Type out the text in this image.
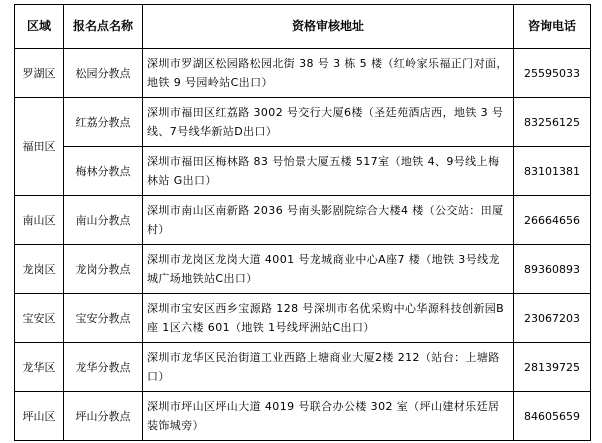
区域	报名点名称	资格审核地址	咨询电话
罗湖区	松园分教点	深圳市罗湖区松园路松园北街 38 号 3 栋 5 楼（红岭家乐福正门对面，地铁 9 号园岭站C出口）	25595033
福田区	红荔分教点	深圳市福田区红荔路 3002 号交行大厦6楼（圣廷苑酒店西，地铁 3 号线、7号线华新站D出口）	83256125
	梅林分教点	深圳市福田区梅林路 83 号怡景大厦五楼 517室（地铁 4、9号线上梅林站 G出口）	83101381
南山区	南山分教点	深圳市南山区南新路 2036 号南头影剧院综合大楼4 楼（公交站：田厦村）	26664656
龙岗区	龙岗分教点	深圳市龙岗区龙岗大道 4001 号龙城商业中心A座7 楼（地铁 3号线龙城广场地铁站C出口）	89360893
宝安区	宝安分教点	深圳市宝安区西乡宝源路 128 号深圳市名优采购中心华源科技创新园B座 1区六楼 601（地铁 1号线坪洲站C出口）	23067203
龙华区	龙华分教点	深圳市龙华区民治街道工业西路上塘商业大厦2楼 212（站台：上塘路口）	28139725
坪山区	坪山分教点	深圳市坪山区坪山大道 4019 号联合办公楼 302 室（坪山建材乐廷居装饰城旁）	84605659
